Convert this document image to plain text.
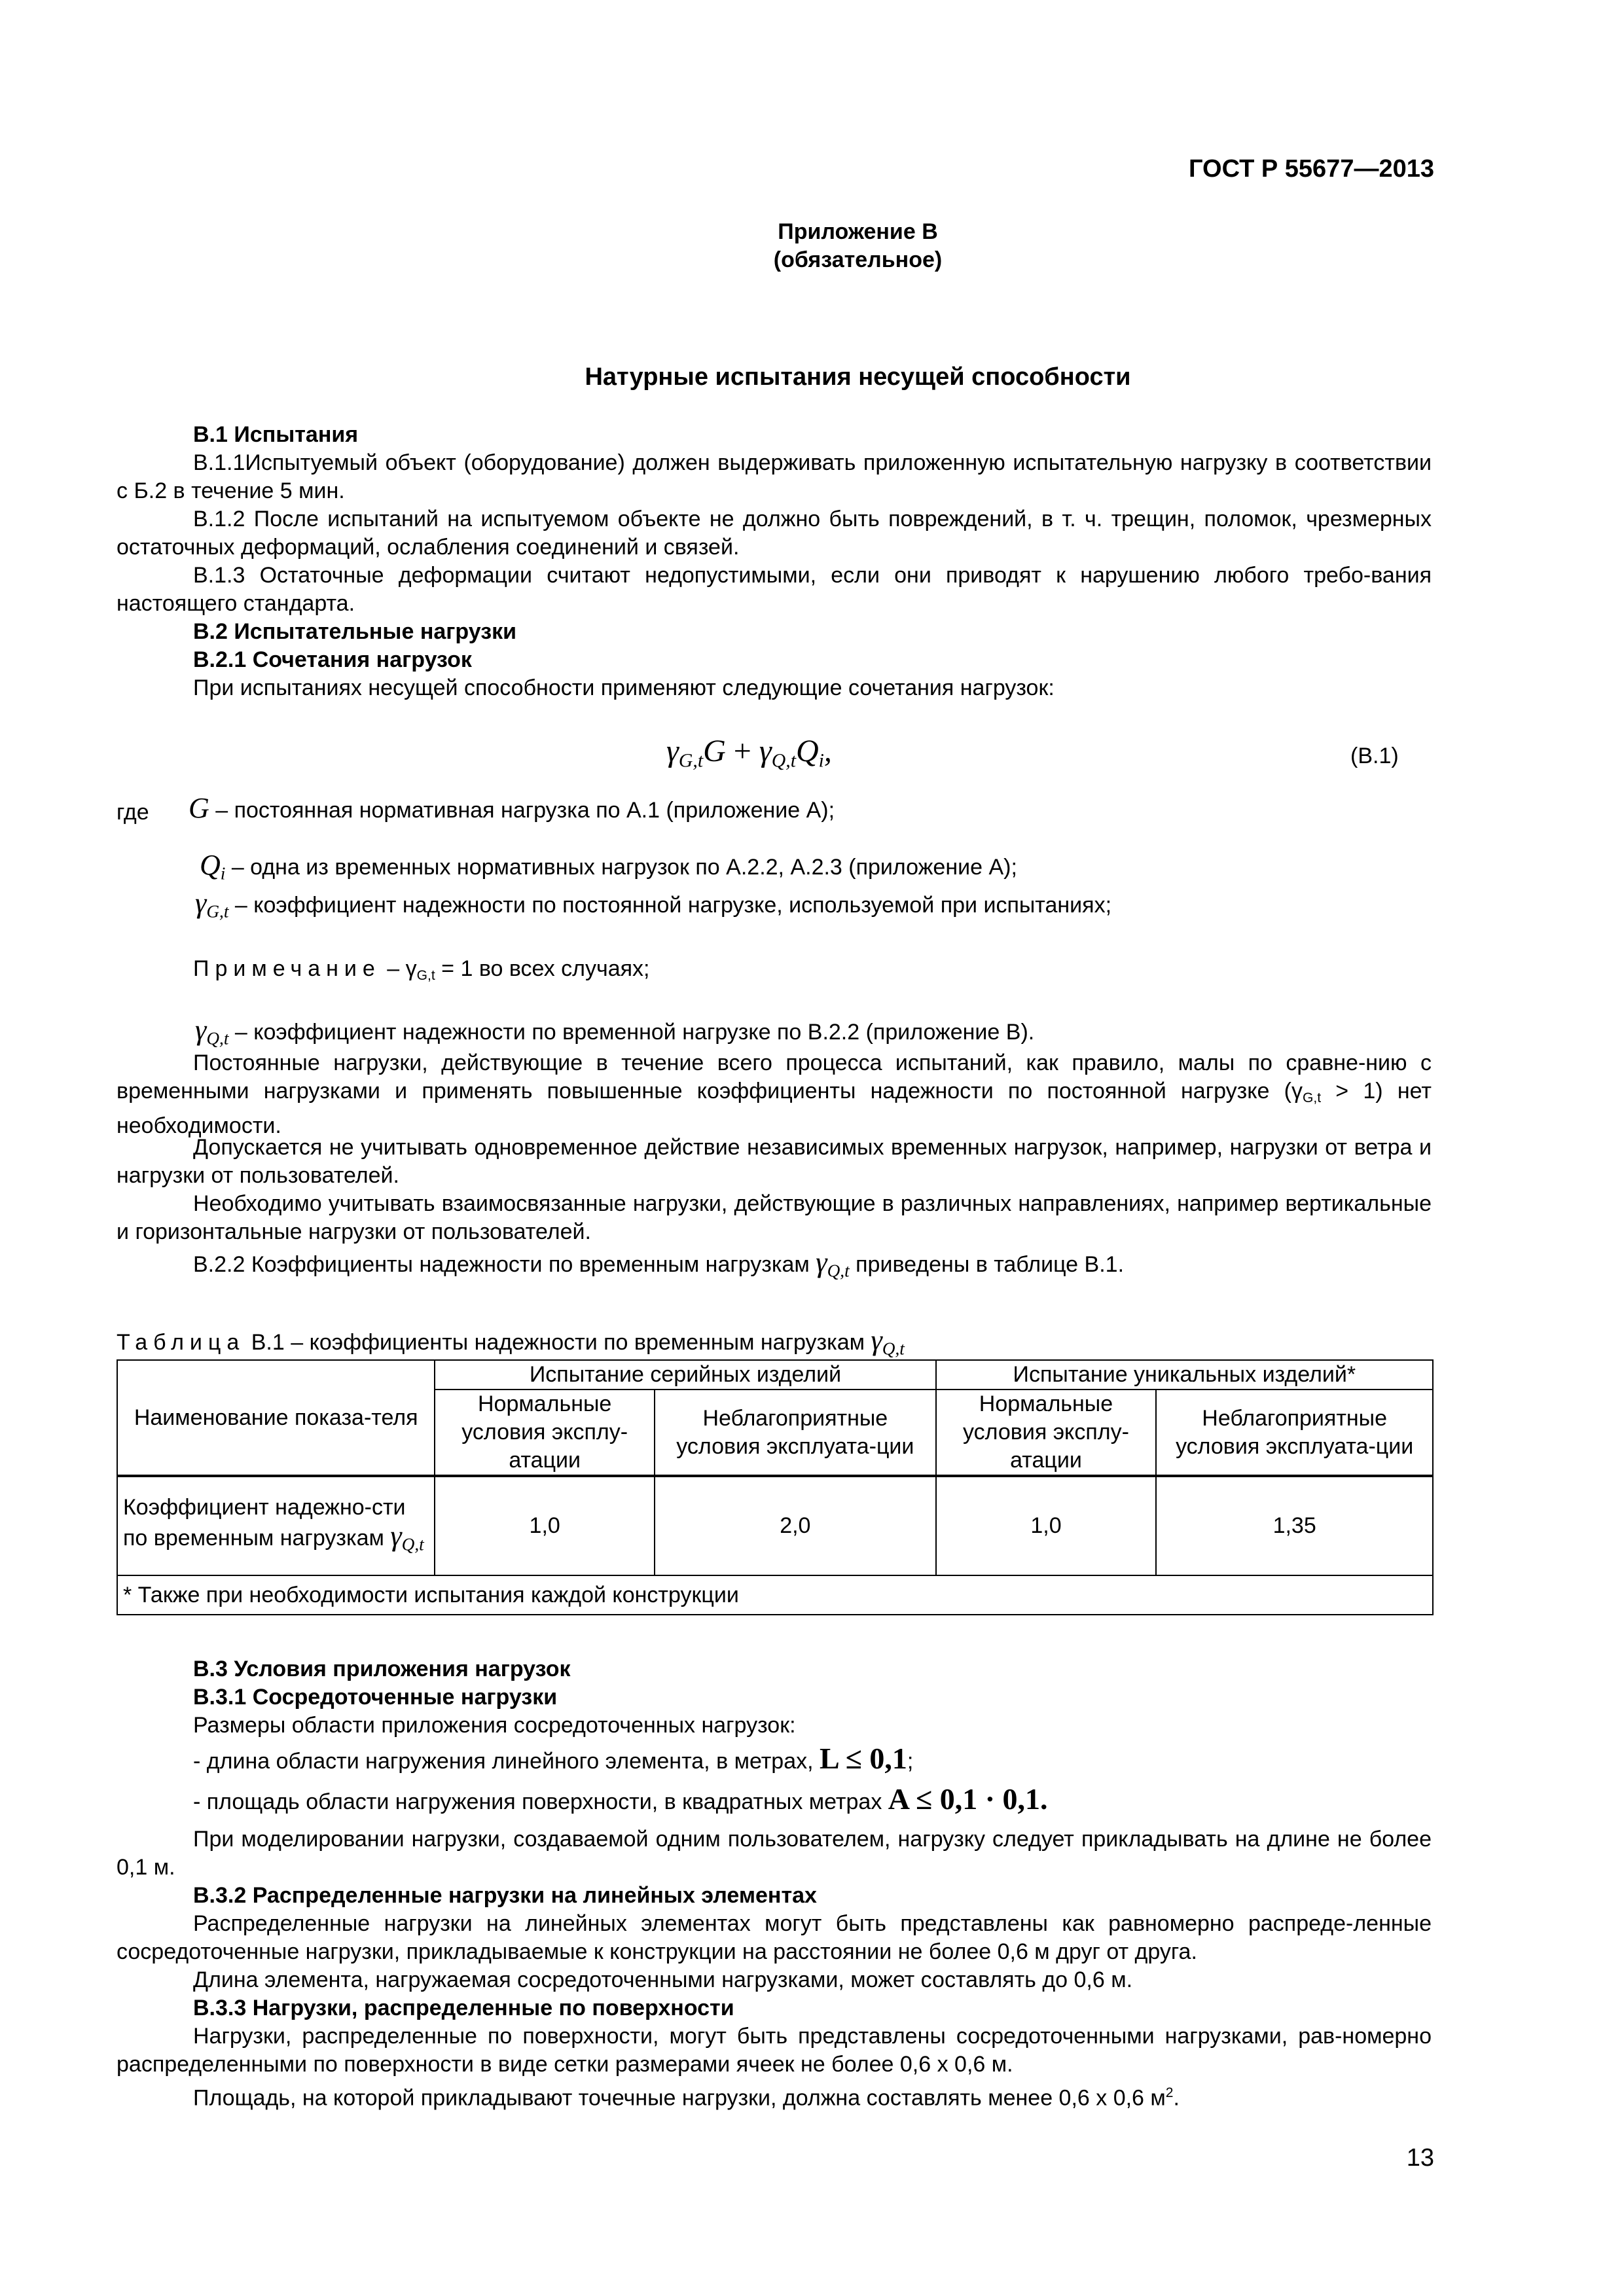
ГОСТ Р 55677—2013
Приложение В
(обязательное)
Натурные испытания несущей способности
В.1 Испытания
В.1.1Испытуемый объект (оборудование) должен выдерживать приложенную испытательную нагрузку в соответствии с Б.2 в течение 5 мин.
В.1.2 После испытаний на испытуемом объекте не должно быть повреждений, в т. ч. трещин, поломок, чрезмерных остаточных деформаций, ослабления соединений и связей.
В.1.3 Остаточные деформации считают недопустимыми, если они приводят к нарушению любого требо-вания настоящего стандарта.
В.2 Испытательные нагрузки
В.2.1 Сочетания нагрузок
При испытаниях несущей способности применяют следующие сочетания нагрузок:
$\gamma_{G,t}G + \gamma_{Q,t}Q_i$,	(В.1)
где G – постоянная нормативная нагрузка по А.1 (приложение А);
$Q_i$ – одна из временных нормативных нагрузок по А.2.2, А.2.3 (приложение А);
$\gamma_{G,t}$ – коэффициент надежности по постоянной нагрузке, используемой при испытаниях;
Примечание – $\gamma_{G,t} = 1$ во всех случаях;
$\gamma_{Q,t}$ – коэффициент надежности по временной нагрузке по В.2.2 (приложение В).
Постоянные нагрузки, действующие в течение всего процесса испытаний, как правило, малы по сравне-нию с временными нагрузками и применять повышенные коэффициенты надежности по постоянной нагрузке $(\gamma_{G,t} > 1)$ нет необходимости.
Допускается не учитывать одновременное действие независимых временных нагрузок, например, нагрузки от ветра и нагрузки от пользователей.
Необходимо учитывать взаимосвязанные нагрузки, действующие в различных направлениях, например вертикальные и горизонтальные нагрузки от пользователей.
В.2.2 Коэффициенты надежности по временным нагрузкам $\gamma_{Q,t}$ приведены в таблице В.1.
Таблица В.1 – коэффициенты надежности по временным нагрузкам $\gamma_{Q,t}$
Наименование показа-теля	Испытание серийных изделий		Испытание уникальных изделий*	
	Нормальные условия эксплу-атации	Неблагоприятные условия эксплуата-ции	Нормальные условия эксплу-атации	Неблагоприятные условия эксплуата-ции
Коэффициент надежно-сти по временным нагрузкам $\gamma_{Q,t}$	1,0	2,0	1,0	1,35
* Также при необходимости испытания каждой конструкции				
В.3 Условия приложения нагрузок
В.3.1 Сосредоточенные нагрузки
Размеры области приложения сосредоточенных нагрузок:
- длина области нагружения линейного элемента, в метрах, L ≤ 0,1;
- площадь области нагружения поверхности, в квадратных метрах A ≤ 0,1 · 0,1.
При моделировании нагрузки, создаваемой одним пользователем, нагрузку следует прикладывать на длине не более 0,1 м.
В.3.2 Распределенные нагрузки на линейных элементах
Распределенные нагрузки на линейных элементах могут быть представлены как равномерно распреде-ленные сосредоточенные нагрузки, прикладываемые к конструкции на расстоянии не более 0,6 м друг от друга.
Длина элемента, нагружаемая сосредоточенными нагрузками, может составлять до 0,6 м.
В.3.3 Нагрузки, распределенные по поверхности
Нагрузки, распределенные по поверхности, могут быть представлены сосредоточенными нагрузками, рав-номерно распределенными по поверхности в виде сетки размерами ячеек не более 0,6 х 0,6 м.
Площадь, на которой прикладывают точечные нагрузки, должна составлять менее 0,6 х 0,6 $м^2$.
13
